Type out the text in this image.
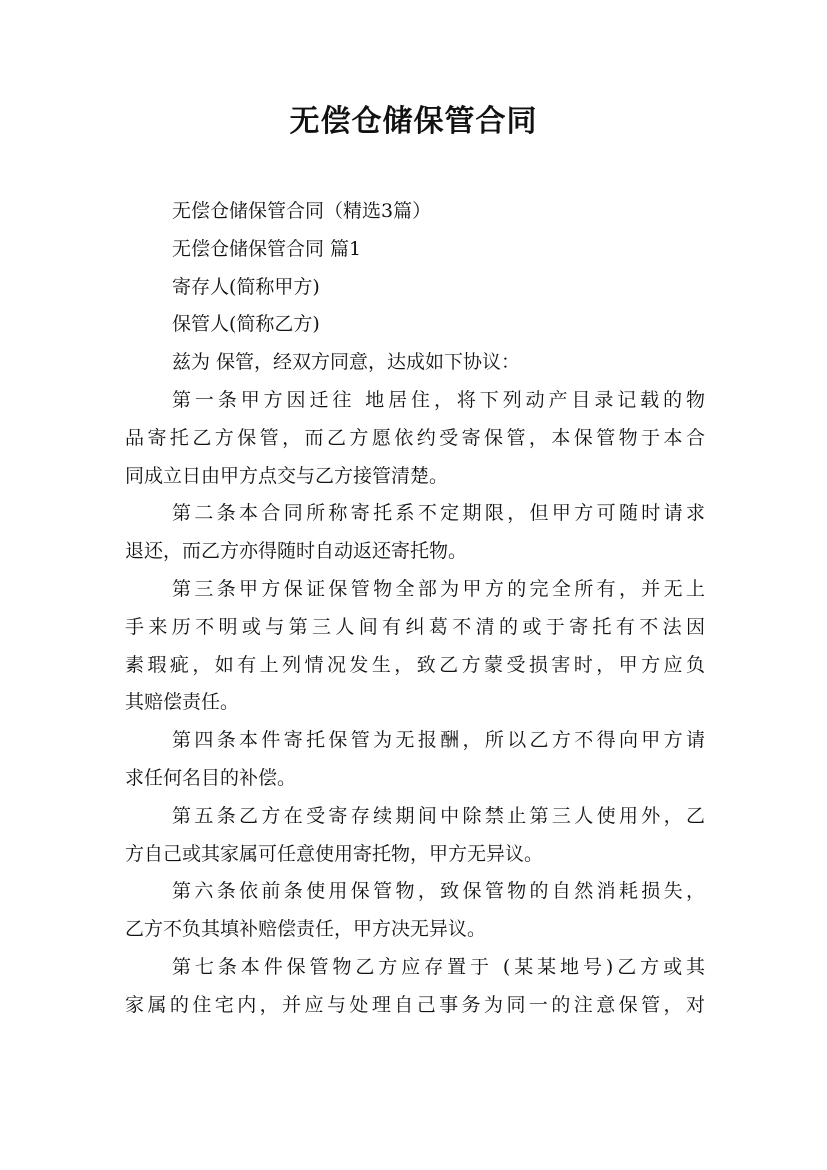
无偿仓储保管合同
无偿仓储保管合同（精选3篇）
无偿仓储保管合同 篇1
寄存人(简称甲方)
保管人(简称乙方)
兹为 保管，经双方同意，达成如下协议：
第一条甲方因迁往 地居住，将下列动产目录记载的物
品寄托乙方保管，而乙方愿依约受寄保管，本保管物于本合
同成立日由甲方点交与乙方接管清楚。
第二条本合同所称寄托系不定期限，但甲方可随时请求
退还，而乙方亦得随时自动返还寄托物。
第三条甲方保证保管物全部为甲方的完全所有，并无上
手来历不明或与第三人间有纠葛不清的或于寄托有不法因
素瑕疵，如有上列情况发生，致乙方蒙受损害时，甲方应负
其赔偿责任。
第四条本件寄托保管为无报酬，所以乙方不得向甲方请
求任何名目的补偿。
第五条乙方在受寄存续期间中除禁止第三人使用外，乙
方自己或其家属可任意使用寄托物，甲方无异议。
第六条依前条使用保管物，致保管物的自然消耗损失，
乙方不负其填补赔偿责任，甲方决无异议。
第七条本件保管物乙方应存置于 (某某地号)乙方或其
家属的住宅内，并应与处理自己事务为同一的注意保管，对
